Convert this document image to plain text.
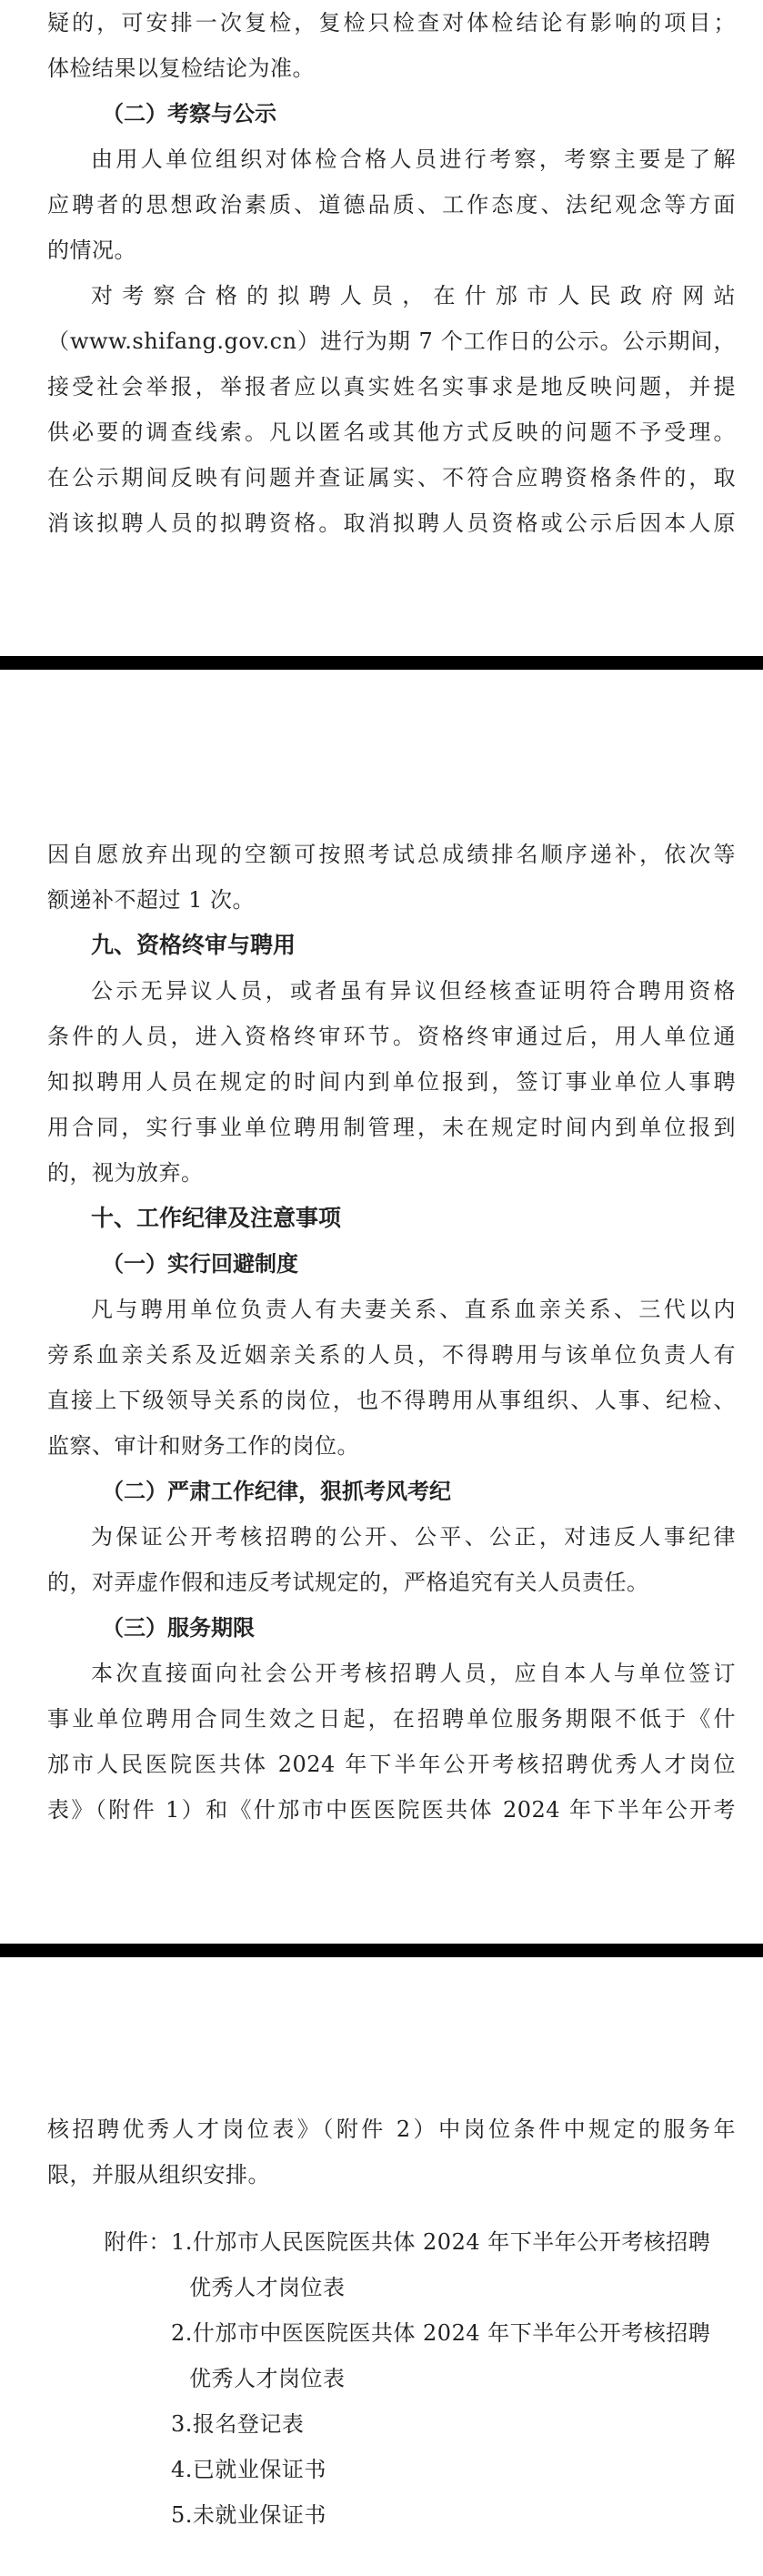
疑的，可安排一次复检，复检只检查对体检结论有影响的项目；

体检结果以复检结论为准。

（二）考察与公示

由用人单位组织对体检合格人员进行考察，考察主要是了解

应聘者的思想政治素质、道德品质、工作态度、法纪观念等方面

的情况。

对考察合格的拟聘人员，在什邡市人民政府网站

（www.shifang.gov.cn）进行为期 7 个工作日的公示。公示期间，

接受社会举报，举报者应以真实姓名实事求是地反映问题，并提

供必要的调查线索。凡以匿名或其他方式反映的问题不予受理。

在公示期间反映有问题并查证属实、不符合应聘资格条件的，取

消该拟聘人员的拟聘资格。取消拟聘人员资格或公示后因本人原

因自愿放弃出现的空额可按照考试总成绩排名顺序递补，依次等

额递补不超过 1 次。

九、资格终审与聘用

公示无异议人员，或者虽有异议但经核查证明符合聘用资格

条件的人员，进入资格终审环节。资格终审通过后，用人单位通

知拟聘用人员在规定的时间内到单位报到，签订事业单位人事聘

用合同，实行事业单位聘用制管理，未在规定时间内到单位报到

的，视为放弃。

十、工作纪律及注意事项
（一）实行回避制度

凡与聘用单位负责人有夫妻关系、直系血亲关系、三代以内

旁系血亲关系及近姻亲关系的人员，不得聘用与该单位负责人有

直接上下级领导关系的岗位，也不得聘用从事组织、人事、纪检、

监察、审计和财务工作的岗位。

（二）严肃工作纪律，狠抓考风考纪

为保证公开考核招聘的公开、公平、公正，对违反人事纪律

的，对弄虚作假和违反考试规定的，严格追究有关人员责任。

（三）服务期限

本次直接面向社会公开考核招聘人员，应自本人与单位签订

事业单位聘用合同生效之日起，在招聘单位服务期限不低于《什

邡市人民医院医共体 2024 年下半年公开考核招聘优秀人才岗位

表》（附件 1）和《什邡市中医医院医共体 2024 年下半年公开考

核招聘优秀人才岗位表》（附件 2）中岗位条件中规定的服务年

限，并服从组织安排。

附件： 1. 什邡市人民医院医共体 2024 年下半年公开考核招聘
优秀人才岗位表
2. 什邡市中医医院医共体 2024 年下半年公开考核招聘
优秀人才岗位表
3. 报名登记表
4. 已就业保证书
5. 未就业保证书
